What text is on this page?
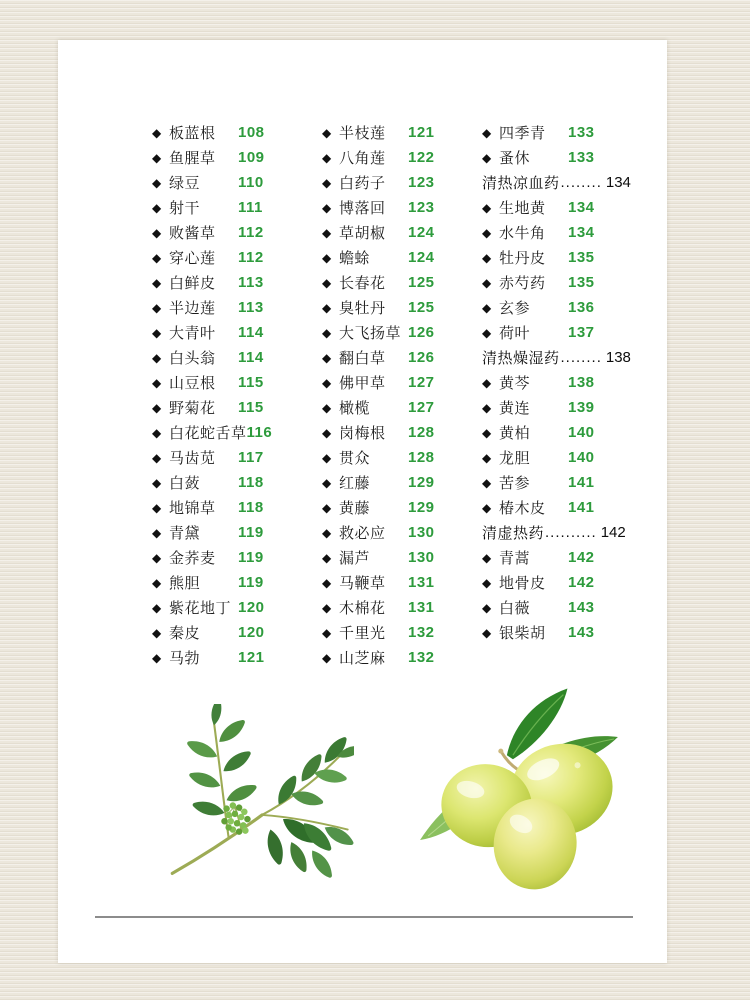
◆ 板蓝根	108
◆ 鱼腥草	109
◆ 绿豆	110
◆ 射干	111
◆ 败酱草	112
◆ 穿心莲	112
◆ 白鲜皮	113
◆ 半边莲	113
◆ 大青叶	114
◆ 白头翁	114
◆ 山豆根	115
◆ 野菊花	115
◆ 白花蛇舌草 116
◆ 马齿苋	117
◆ 白蔹	118
◆ 地锦草	118
◆ 青黛	119
◆ 金荞麦	119
◆ 熊胆	119
◆ 紫花地丁 120
◆ 秦皮	120
◆ 马勃	121
◆ 半枝莲	121
◆ 八角莲	122
◆ 白药子	123
◆ 博落回	123
◆ 草胡椒	124
◆ 蟾蜍	124
◆ 长春花	125
◆ 臭牡丹	125
◆ 大飞扬草 126
◆ 翻白草	126
◆ 佛甲草	127
◆ 橄榄	127
◆ 岗梅根	128
◆ 贯众	128
◆ 红藤	129
◆ 黄藤	129
◆ 救必应	130
◆ 漏芦	130
◆ 马鞭草	131
◆ 木棉花	131
◆ 千里光	132
◆ 山芝麻	132
◆ 四季青	133
◆ 蚤休	133
清热凉血药 ........ 134
◆ 生地黄	134
◆ 水牛角	134
◆ 牡丹皮	135
◆ 赤芍药	135
◆ 玄参	136
◆ 荷叶	137
清热燥湿药 ........ 138
◆ 黄芩	138
◆ 黄连	139
◆ 黄柏	140
◆ 龙胆	140
◆ 苦参	141
◆ 椿木皮	141
清虚热药 .......... 142
◆ 青蒿	142
◆ 地骨皮	142
◆ 白薇	143
◆ 银柴胡	143
